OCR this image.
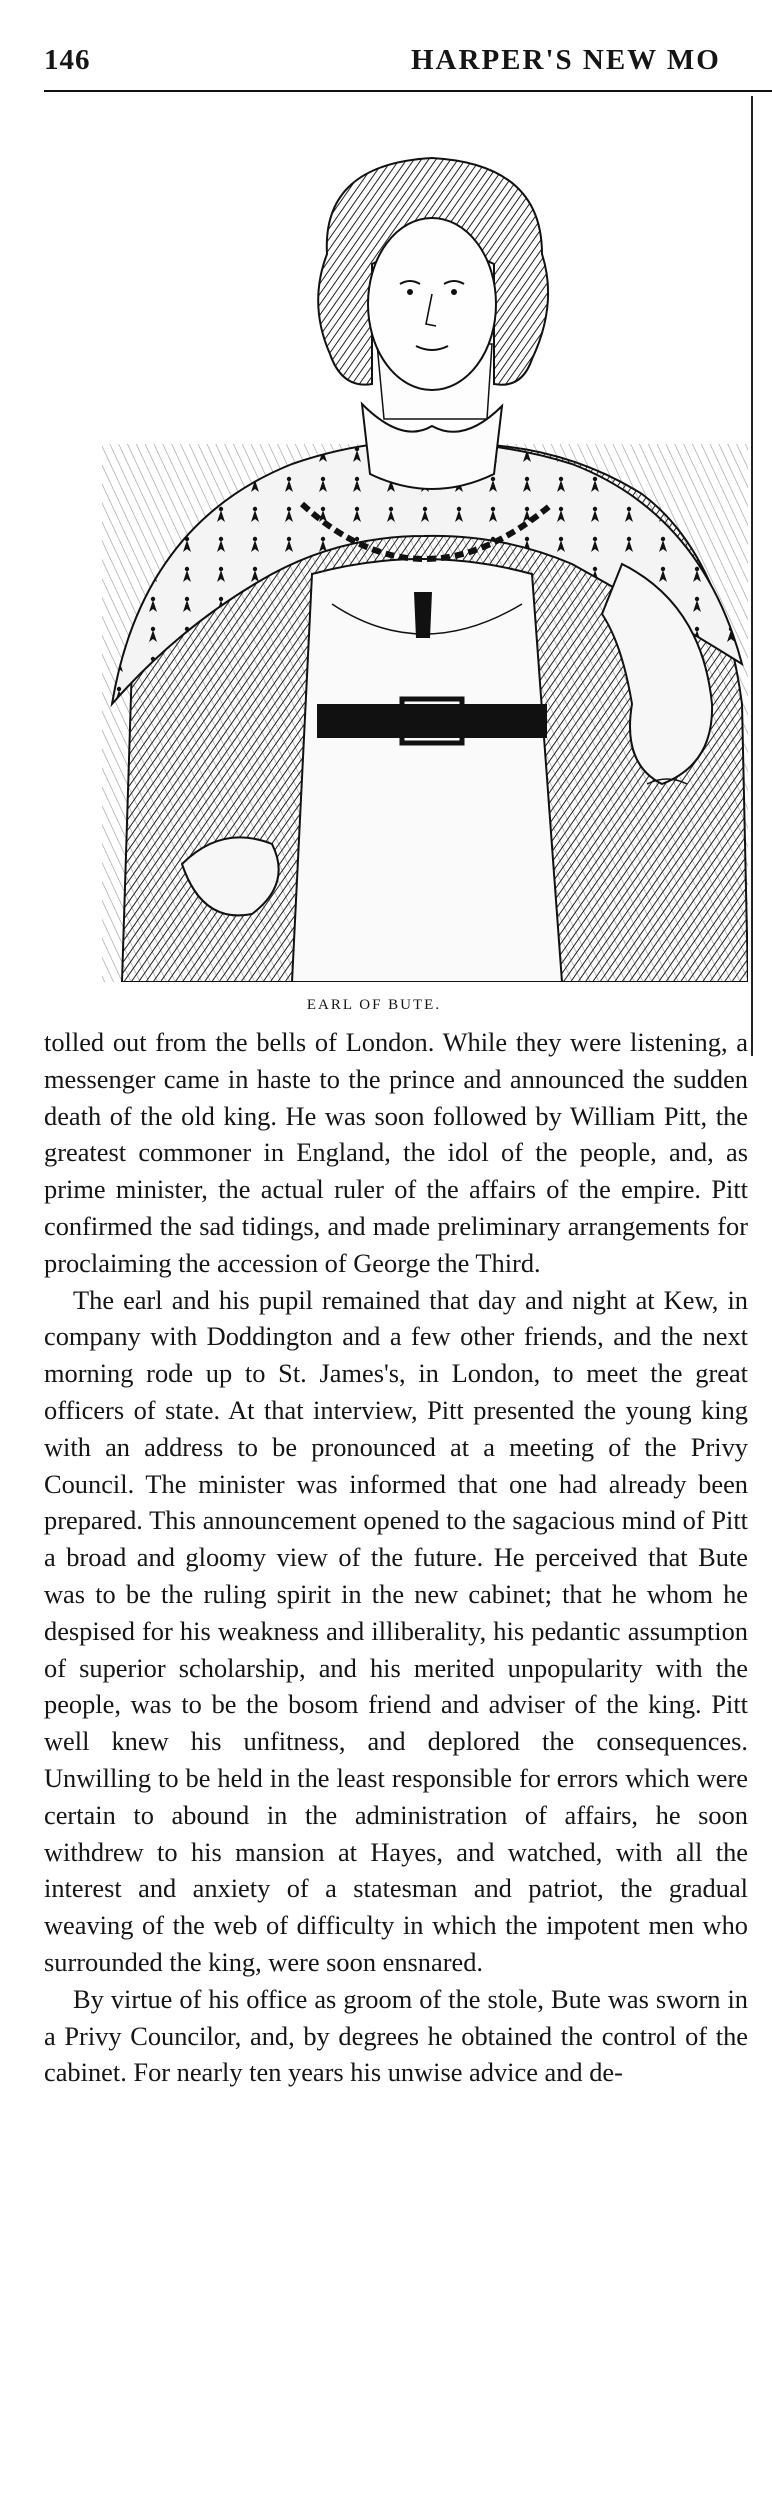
146	HARPER'S NEW MO
EARL OF BUTE.

tolled out from the bells of London. While they were listening, a messenger came in haste to the prince and announced the sudden death of the old king. He was soon followed by William Pitt, the greatest commoner in England, the idol of the people, and, as prime minister, the actual ruler of the affairs of the empire. Pitt confirmed the sad tidings, and made preliminary arrangements for proclaiming the accession of George the Third.

The earl and his pupil remained that day and night at Kew, in company with Doddington and a few other friends, and the next morning rode up to St. James's, in London, to meet the great officers of state. At that interview, Pitt presented the young king with an address to be pronounced at a meeting of the Privy Council. The minister was informed that one had already been prepared. This announcement opened to the sagacious mind of Pitt a broad and gloomy view of the future. He perceived that Bute was to be the ruling spirit in the new cabinet; that he whom he despised for his weakness and illiberality, his pedantic assumption of superior scholarship, and his merited unpopularity with the people, was to be the bosom friend and adviser of the king. Pitt well knew his unfitness, and deplored the consequences. Unwilling to be held in the least responsible for errors which were certain to abound in the administration of affairs, he soon withdrew to his mansion at Hayes, and watched, with all the interest and anxiety of a statesman and patriot, the gradual weaving of the web of difficulty in which the impotent men who surrounded the king, were soon ensnared.

By virtue of his office as groom of the stole, Bute was sworn in a Privy Councilor, and, by degrees he obtained the control of the cabinet. For nearly ten years his unwise advice and de-
